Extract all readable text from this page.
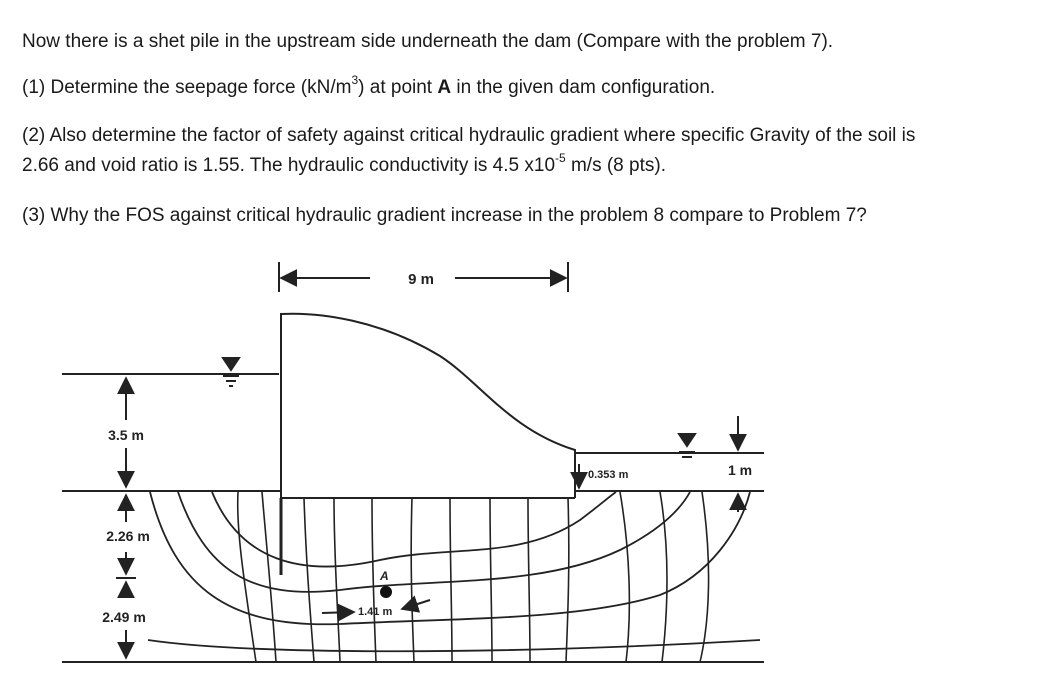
Now there is a shet pile in the upstream side underneath the dam (Compare with the problem 7).

(1) Determine the seepage force $(kN/m^3)$ at point A in the given dam configuration.

(2) Also determine the factor of safety against critical hydraulic gradient where specific Gravity of the soil is
2.66 and void ratio is 1.55. The hydraulic conductivity is 4.5 $x10^{-5}$ m/s (8 pts).

(3) Why the FOS against critical hydraulic gradient increase in the problem 8 compare to Problem 7?

9 m
3.5 m
2.26 m
2.49 m
1 m
0.353 m
A
1.41 m
